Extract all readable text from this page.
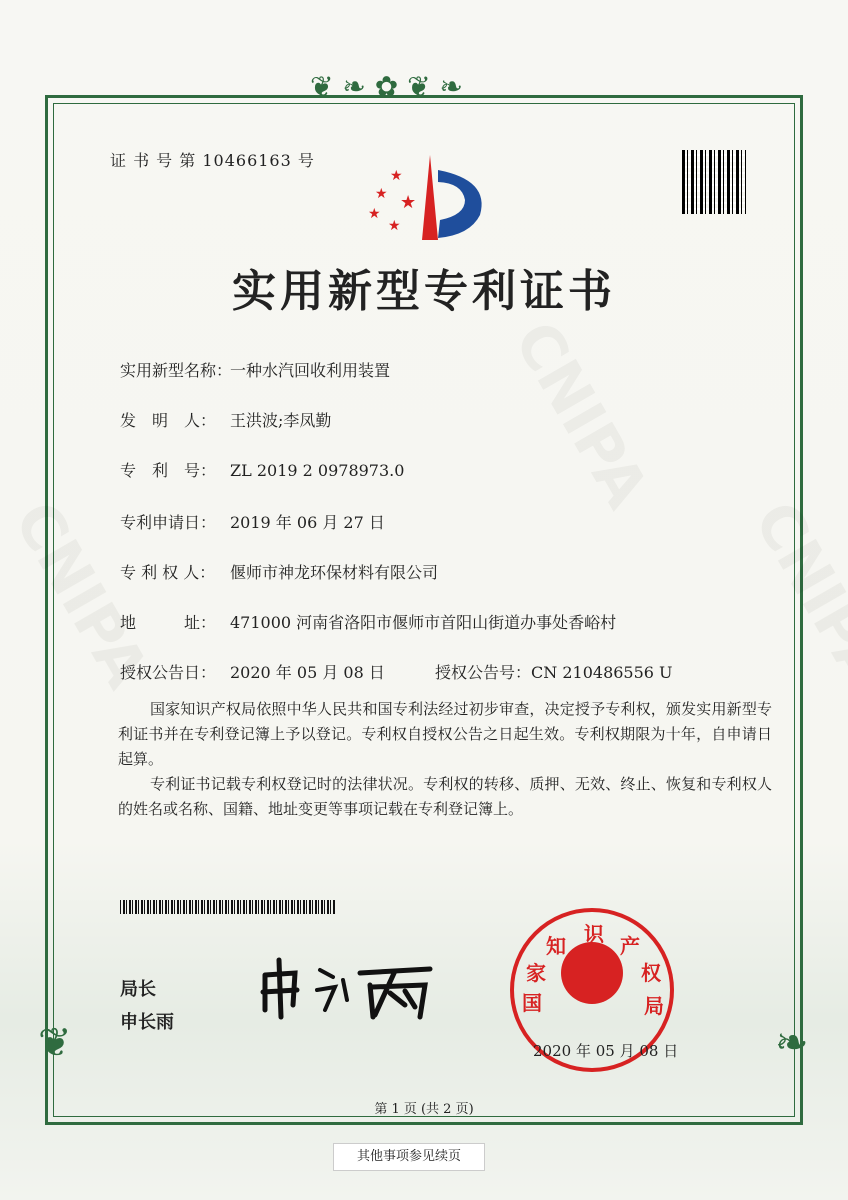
❦ ❧ ✿ ❦ ❧
❦	❧
证 书 号 第 10466163 号
★
★
★
★
★
实用新型专利证书
实用新型名称：一种水汽回收利用装置
发　明　人： 王洪波;李凤勤
专　利　号： ZL 2019 2 0978973.0
专利申请日： 2019 年 06 月 27 日
专 利 权 人： 偃师市神龙环保材料有限公司
地　　　址： 471000 河南省洛阳市偃师市首阳山街道办事处香峪村
授权公告日： 2020 年 05 月 08 日	授权公告号：CN 210486556 U
国家知识产权局依照中华人民共和国专利法经过初步审查，决定授予专利权，颁发实用新型专利证书并在专利登记簿上予以登记。专利权自授权公告之日起生效。专利权期限为十年，自申请日起算。
专利证书记载专利权登记时的法律状况。专利权的转移、质押、无效、终止、恢复和专利权人的姓名或名称、国籍、地址变更等事项记载在专利登记簿上。
局长
申长雨
国
家
知 识 产
权
局
2020 年 05 月 08 日
第 1 页 (共 2 页)
其他事项参见续页
